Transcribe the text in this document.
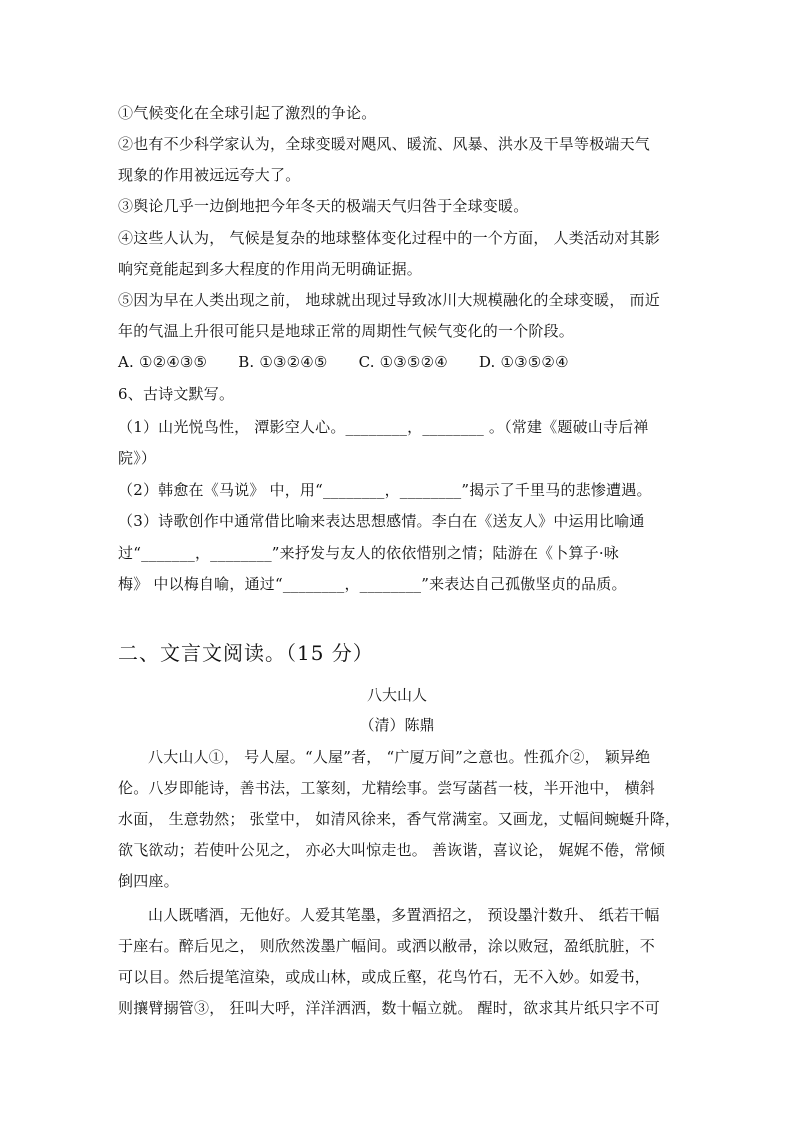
①气候变化在全球引起了激烈的争论。
②也有不少科学家认为，全球变暖对飓风、暖流、风暴、洪水及干旱等极端天气
现象的作用被远远夸大了。
③舆论几乎一边倒地把今年冬天的极端天气归咎于全球变暖。
④这些人认为， 气候是复杂的地球整体变化过程中的一个方面， 人类活动对其影
响究竟能起到多大程度的作用尚无明确证据。
⑤因为早在人类出现之前， 地球就出现过导致冰川大规模融化的全球变暖， 而近
年的气温上升很可能只是地球正常的周期性气候气变化的一个阶段。
A. ①②④③⑤ B. ①③②④⑤ C. ①③⑤②④ D. ①③⑤②④
6、古诗文默写。
（1）山光悦鸟性， 潭影空人心。________，________ 。（常建《题破山寺后禅
院》）
（2）韩愈在《马说》 中，用“________，________”揭示了千里马的悲惨遭遇。
（3）诗歌创作中通常借比喻来表达思想感情。李白在《送友人》中运用比喻通
过“_______，________”来抒发与友人的依依惜别之情；陆游在《卜算子·咏
梅》 中以梅自喻，通过“________，________”来表达自己孤傲坚贞的品质。
二、文言文阅读。（15 分）
八大山人
（清）陈鼎
八大山人①， 号人屋。“人屋”者， “广厦万间”之意也。性孤介②， 颖异绝
伦。八岁即能诗，善书法，工篆刻，尤精绘事。尝写菡萏一枝，半开池中， 横斜
水面， 生意勃然； 张堂中， 如清风徐来，香气常满室。又画龙，丈幅间蜿蜒升降，
欲飞欲动；若使叶公见之， 亦必大叫惊走也。 善诙谐，喜议论， 娓娓不倦，常倾
倒四座。
山人既嗜酒，无他好。人爱其笔墨，多置酒招之， 预设墨汁数升、 纸若干幅
于座右。醉后见之， 则欣然泼墨广幅间。或洒以敝帚，涂以败冠，盈纸肮脏，不
可以目。然后提笔渲染，或成山林，或成丘壑，花鸟竹石，无不入妙。如爱书，
则攘臂搦管③， 狂叫大呼，洋洋洒洒，数十幅立就。 醒时，欲求其片纸只字不可
